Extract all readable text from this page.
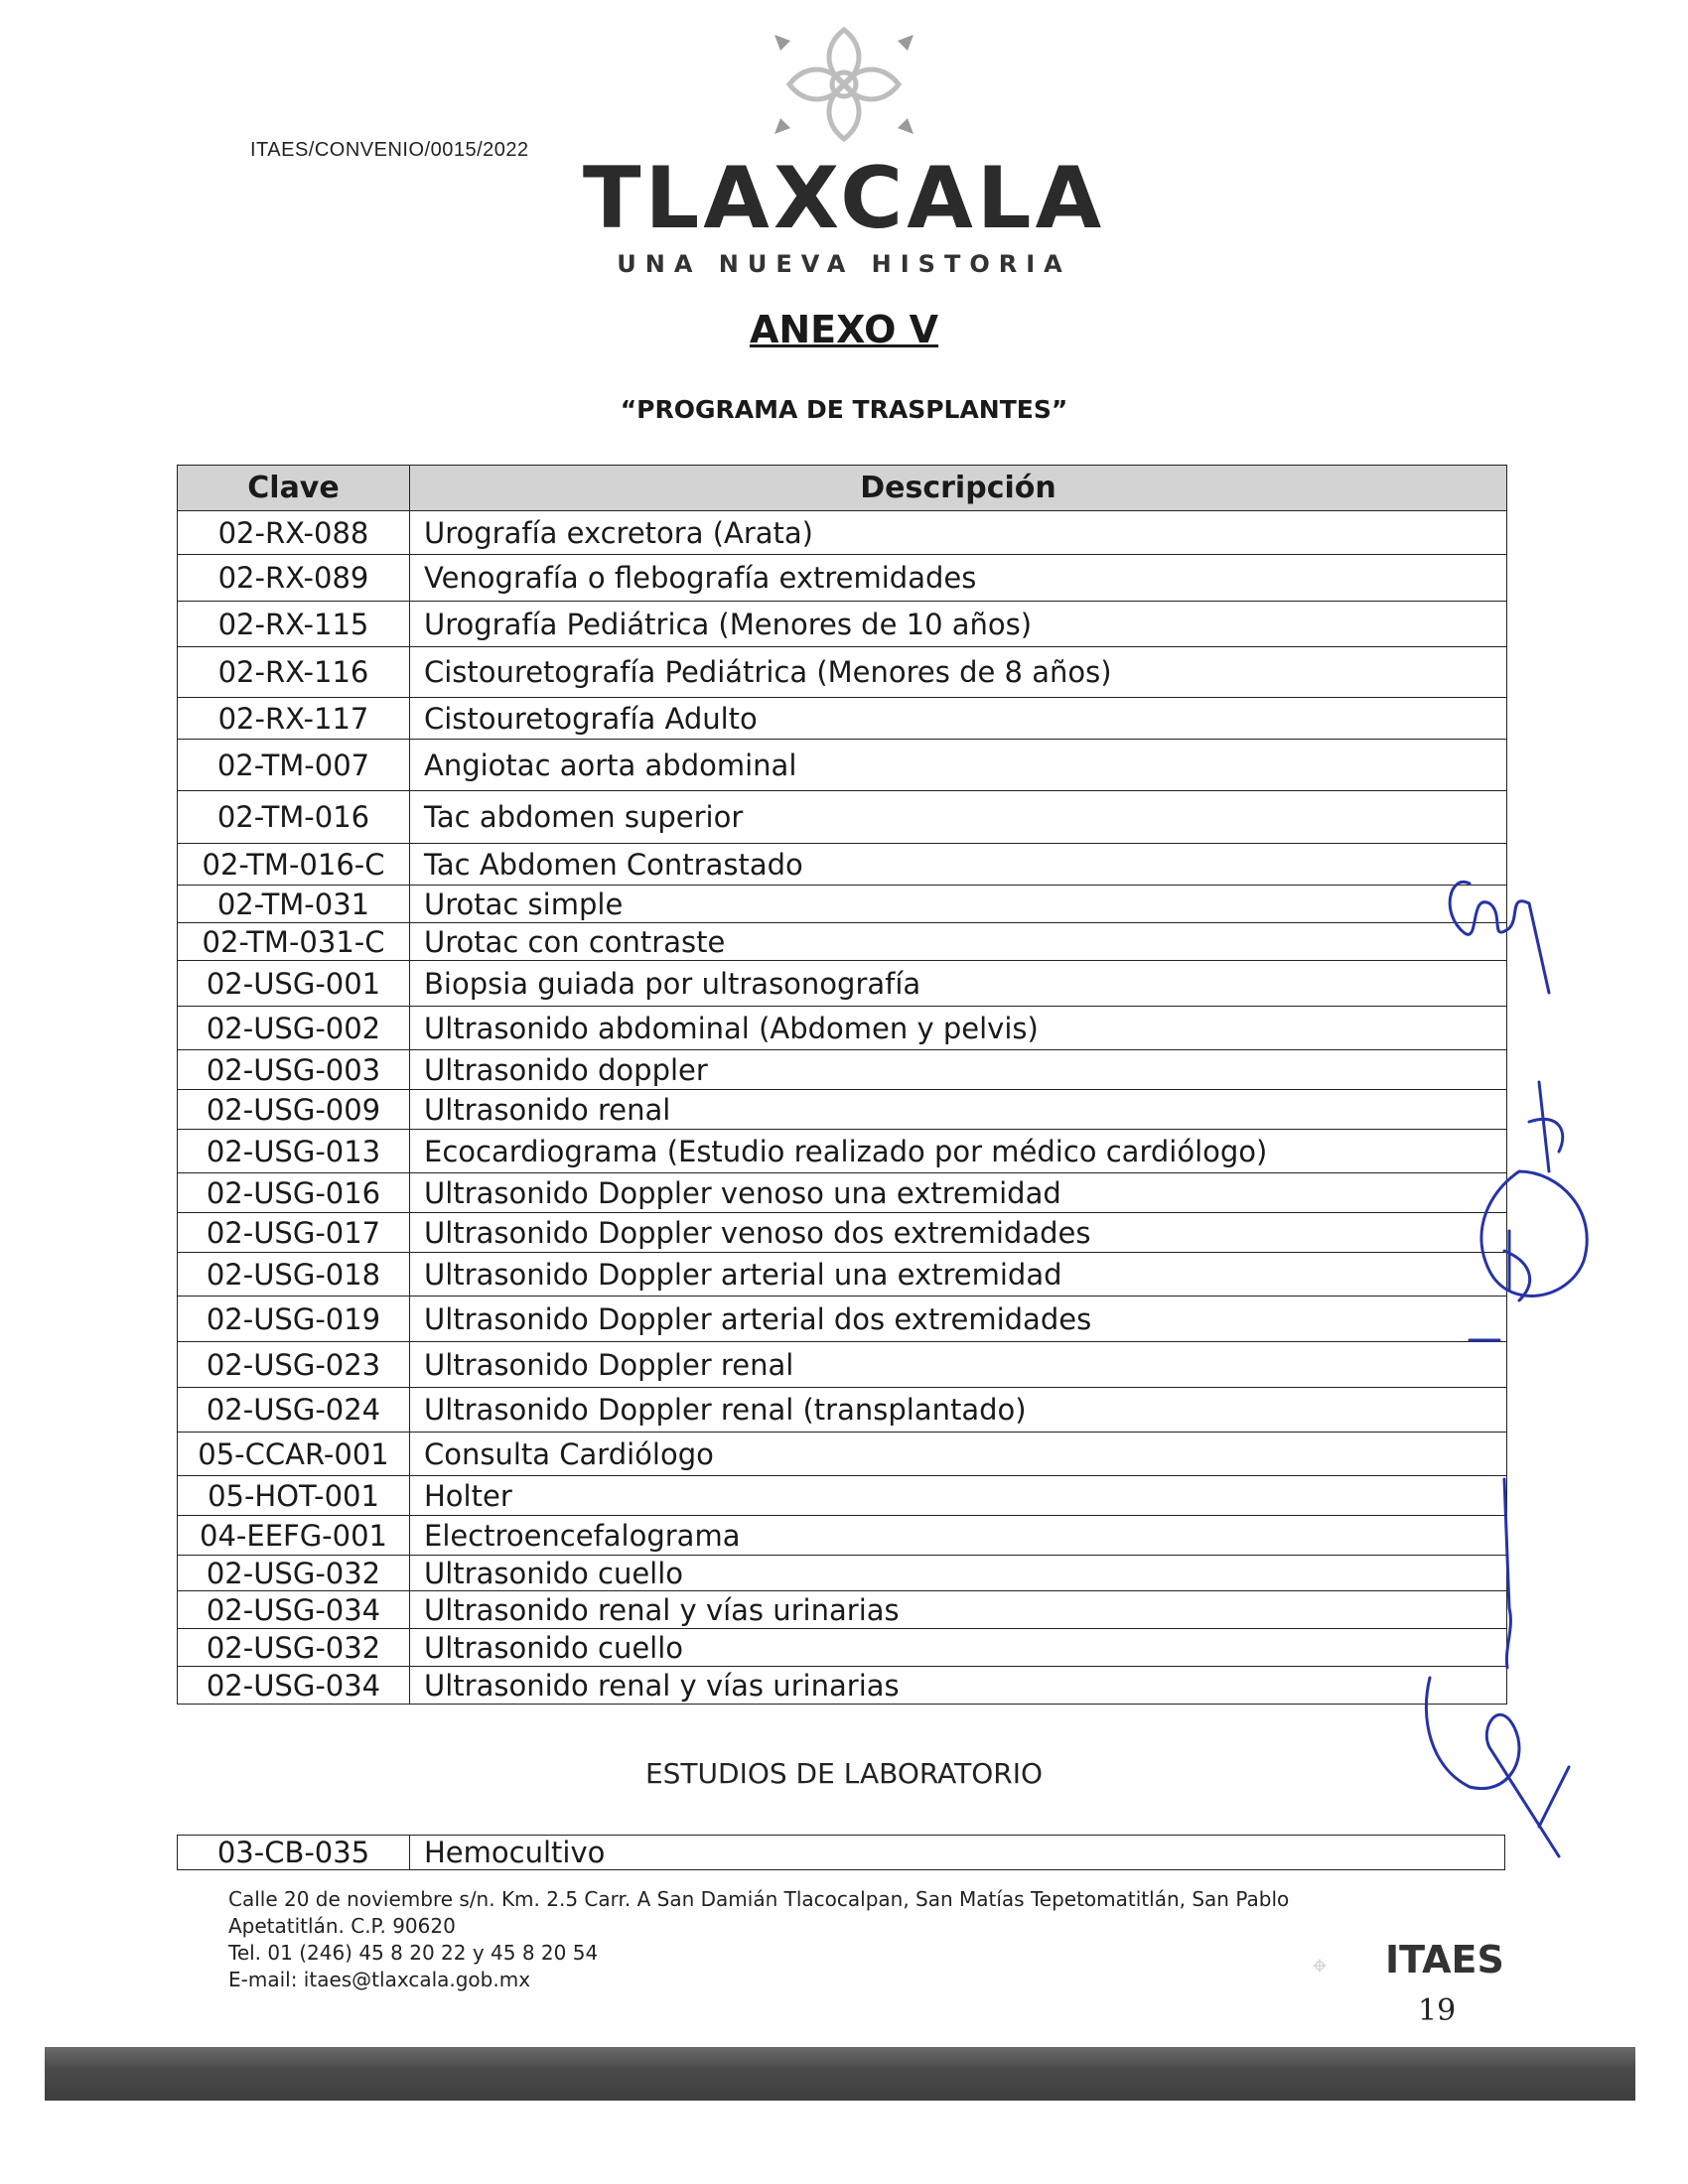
ITAES/CONVENIO/0015/2022 TLAXCALA
UNA NUEVA HISTORIA
ANEXO V
“PROGRAMA DE TRASPLANTES”
Clave	Descripción
02-RX-088	Urografía excretora (Arata)
02-RX-089	Venografía o flebografía extremidades
02-RX-115	Urografía Pediátrica (Menores de 10 años)
02-RX-116	Cistouretografía Pediátrica (Menores de 8 años)
02-RX-117	Cistouretografía Adulto
02-TM-007	Angiotac aorta abdominal
02-TM-016	Tac abdomen superior
02-TM-016-C	Tac Abdomen Contrastado
02-TM-031	Urotac simple
02-TM-031-C	Urotac con contraste
02-USG-001	Biopsia guiada por ultrasonografía
02-USG-002	Ultrasonido abdominal (Abdomen y pelvis)
02-USG-003	Ultrasonido doppler
02-USG-009	Ultrasonido renal
02-USG-013	Ecocardiograma (Estudio realizado por médico cardiólogo)
02-USG-016	Ultrasonido Doppler venoso una extremidad
02-USG-017	Ultrasonido Doppler venoso dos extremidades
02-USG-018	Ultrasonido Doppler arterial una extremidad
02-USG-019	Ultrasonido Doppler arterial dos extremidades
02-USG-023	Ultrasonido Doppler renal
02-USG-024	Ultrasonido Doppler renal (transplantado)
05-CCAR-001	Consulta Cardiólogo
05-HOT-001	Holter
04-EEFG-001	Electroencefalograma
02-USG-032	Ultrasonido cuello
02-USG-034	Ultrasonido renal y vías urinarias
02-USG-032	Ultrasonido cuello
02-USG-034	Ultrasonido renal y vías urinarias
ESTUDIOS DE LABORATORIO
03-CB-035	Hemocultivo
Calle 20 de noviembre s/n. Km. 2.5 Carr. A San Damián Tlacocalpan, San Matías Tepetomatitlán, San Pablo
Apetatitlán. C.P. 90620
Tel. 01 (246) 45 8 20 22 y 45 8 20 54
E-mail: itaes@tlaxcala.gob.mx	ITAES
19
